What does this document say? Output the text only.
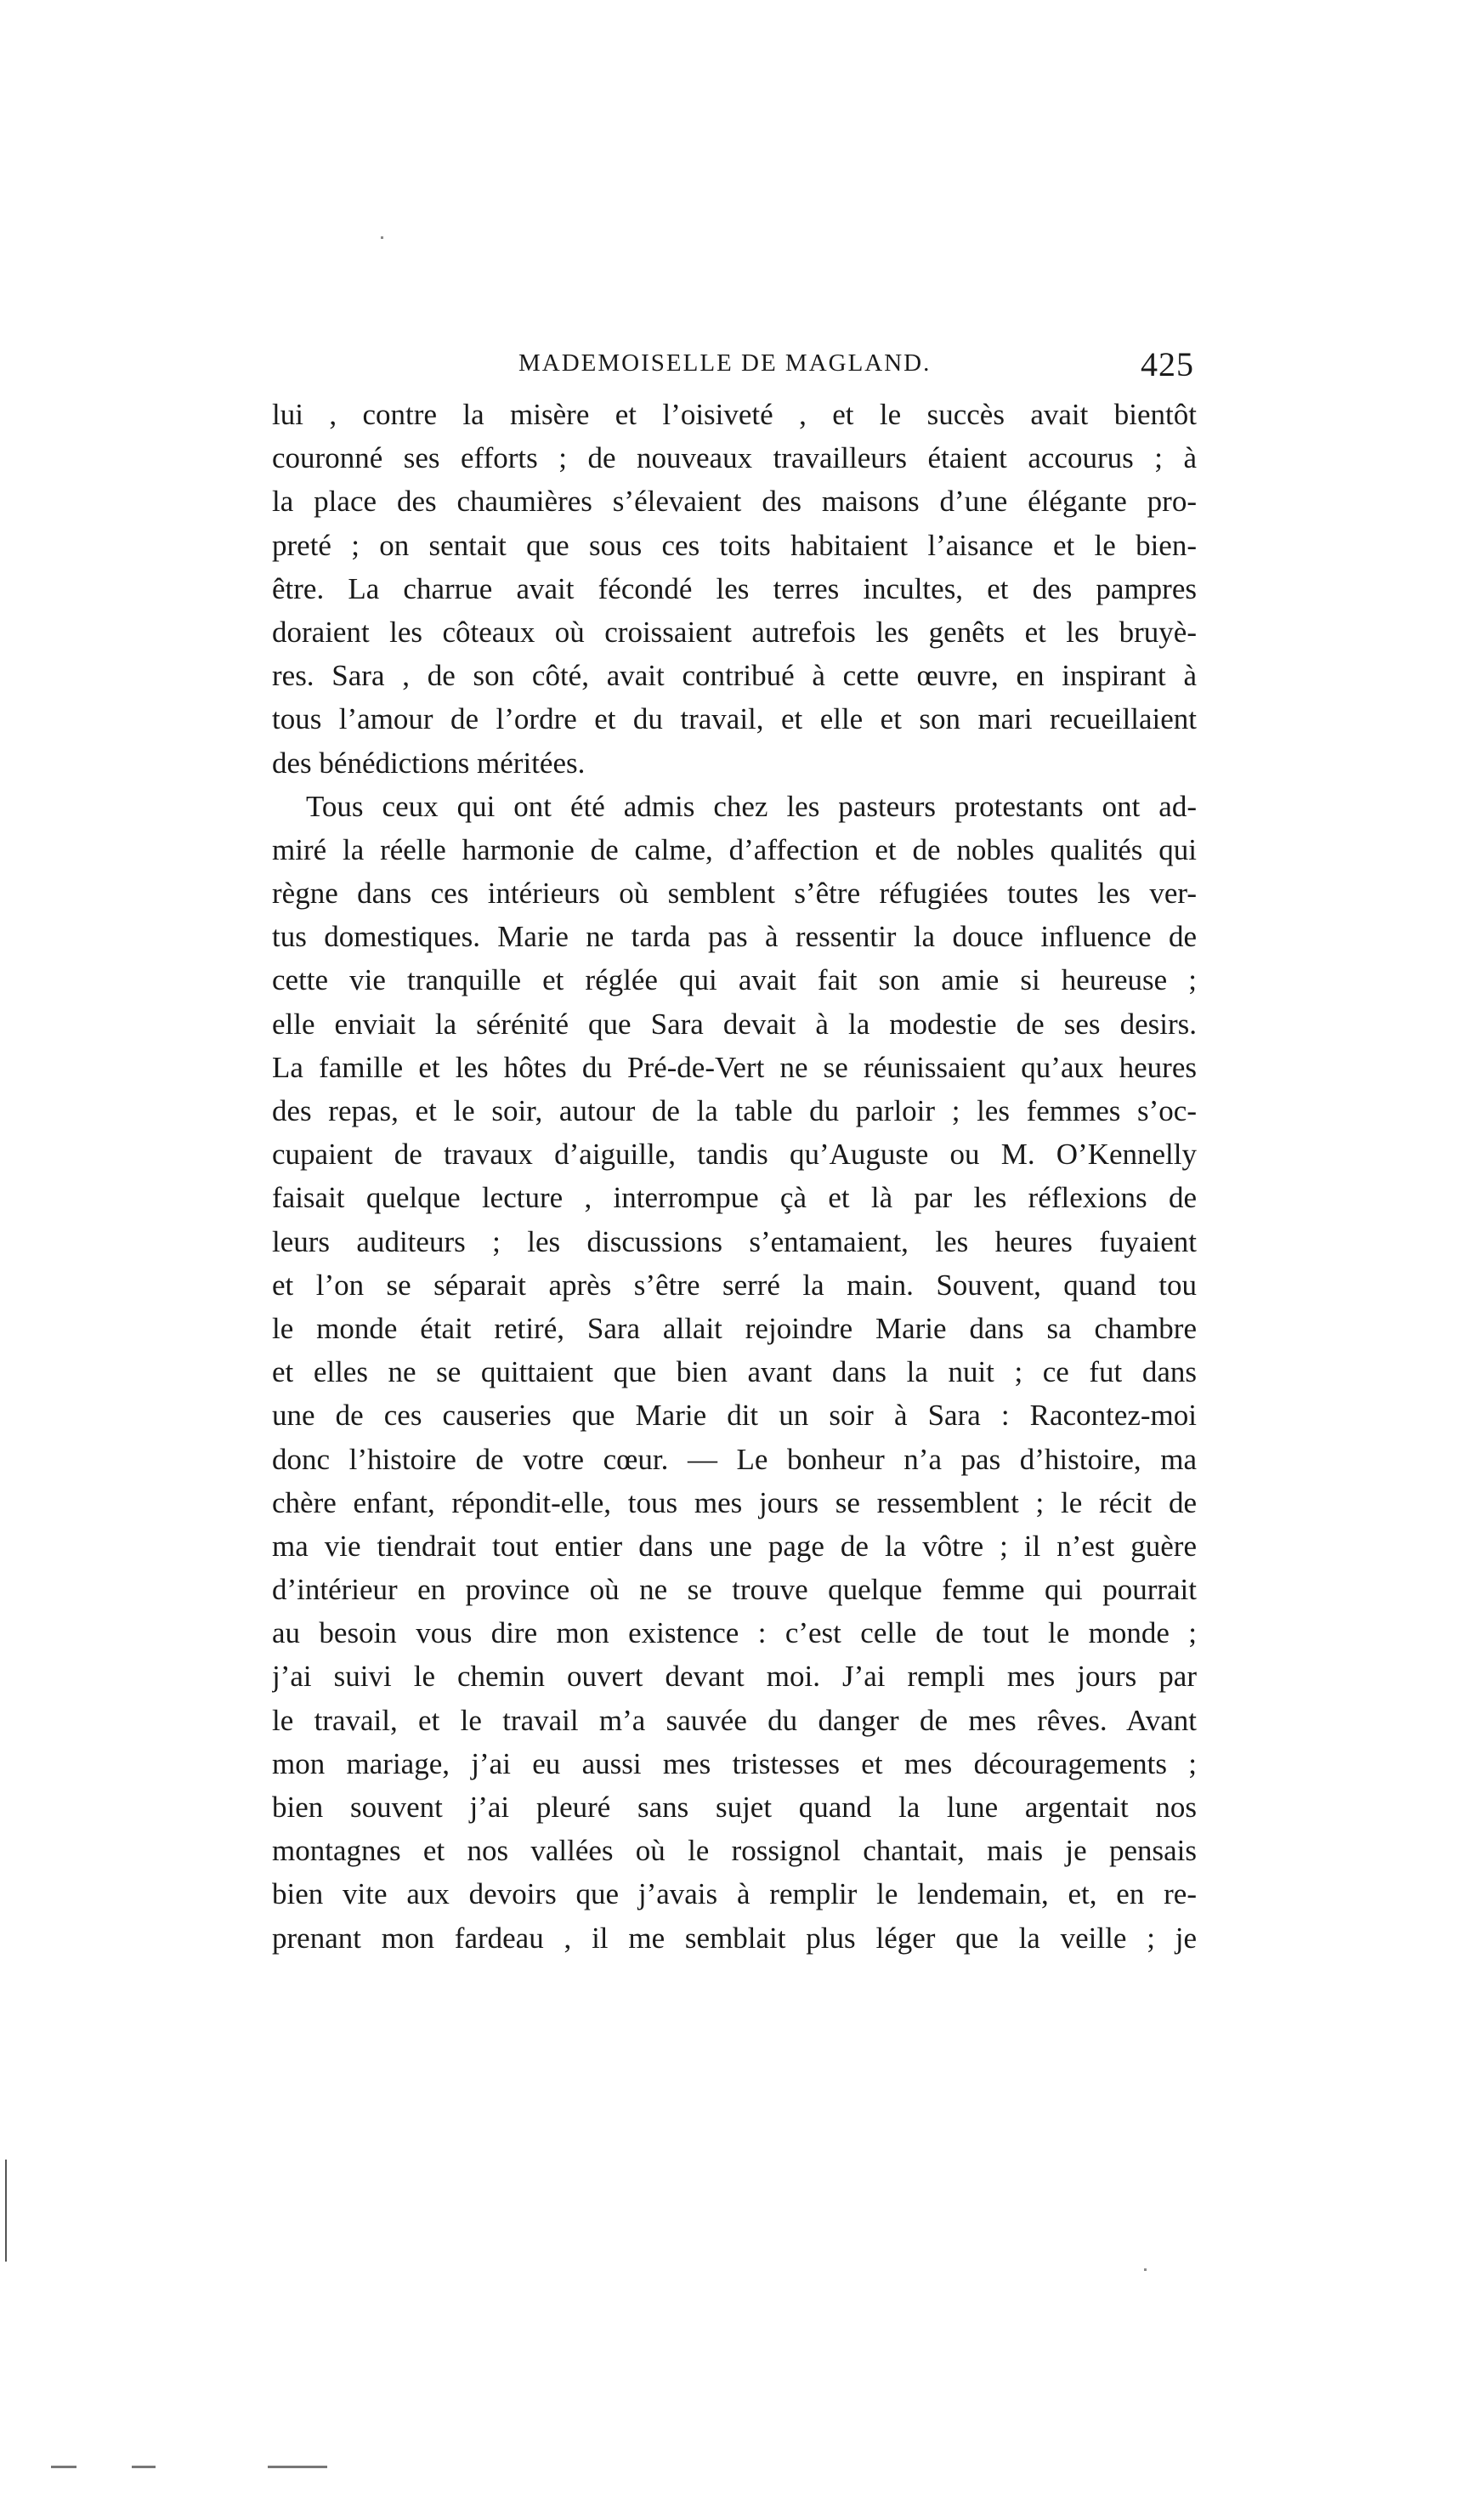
MADEMOISELLE DE MAGLAND.	425
lui , contre la misère et l’oisiveté , et le succès avait bientôt
couronné ses efforts ; de nouveaux travailleurs étaient accourus ; à
la place des chaumières s’élevaient des maisons d’une élégante pro-
preté ; on sentait que sous ces toits habitaient l’aisance et le bien-
être. La charrue avait fécondé les terres incultes, et des pampres
doraient les côteaux où croissaient autrefois les genêts et les bruyè-
res. Sara , de son côté, avait contribué à cette œuvre, en inspirant à
tous l’amour de l’ordre et du travail, et elle et son mari recueillaient
des bénédictions méritées.
Tous ceux qui ont été admis chez les pasteurs protestants ont ad-
miré la réelle harmonie de calme, d’affection et de nobles qualités qui
règne dans ces intérieurs où semblent s’être réfugiées toutes les ver-
tus domestiques. Marie ne tarda pas à ressentir la douce influence de
cette vie tranquille et réglée qui avait fait son amie si heureuse ;
elle enviait la sérénité que Sara devait à la modestie de ses desirs.
La famille et les hôtes du Pré-de-Vert ne se réunissaient qu’aux heures
des repas, et le soir, autour de la table du parloir ; les femmes s’oc-
cupaient de travaux d’aiguille, tandis qu’Auguste ou M. O’Kennelly
faisait quelque lecture , interrompue çà et là par les réflexions de
leurs auditeurs ; les discussions s’entamaient, les heures fuyaient
et l’on se séparait après s’être serré la main. Souvent, quand tou
le monde était retiré, Sara allait rejoindre Marie dans sa chambre
et elles ne se quittaient que bien avant dans la nuit ; ce fut dans
une de ces causeries que Marie dit un soir à Sara : Racontez-moi
donc l’histoire de votre cœur. — Le bonheur n’a pas d’histoire, ma
chère enfant, répondit-elle, tous mes jours se ressemblent ; le récit de
ma vie tiendrait tout entier dans une page de la vôtre ; il n’est guère
d’intérieur en province où ne se trouve quelque femme qui pourrait
au besoin vous dire mon existence : c’est celle de tout le monde ;
j’ai suivi le chemin ouvert devant moi. J’ai rempli mes jours par
le travail, et le travail m’a sauvée du danger de mes rêves. Avant
mon mariage, j’ai eu aussi mes tristesses et mes découragements ;
bien souvent j’ai pleuré sans sujet quand la lune argentait nos
montagnes et nos vallées où le rossignol chantait, mais je pensais
bien vite aux devoirs que j’avais à remplir le lendemain, et, en re-
prenant mon fardeau , il me semblait plus léger que la veille ; je
